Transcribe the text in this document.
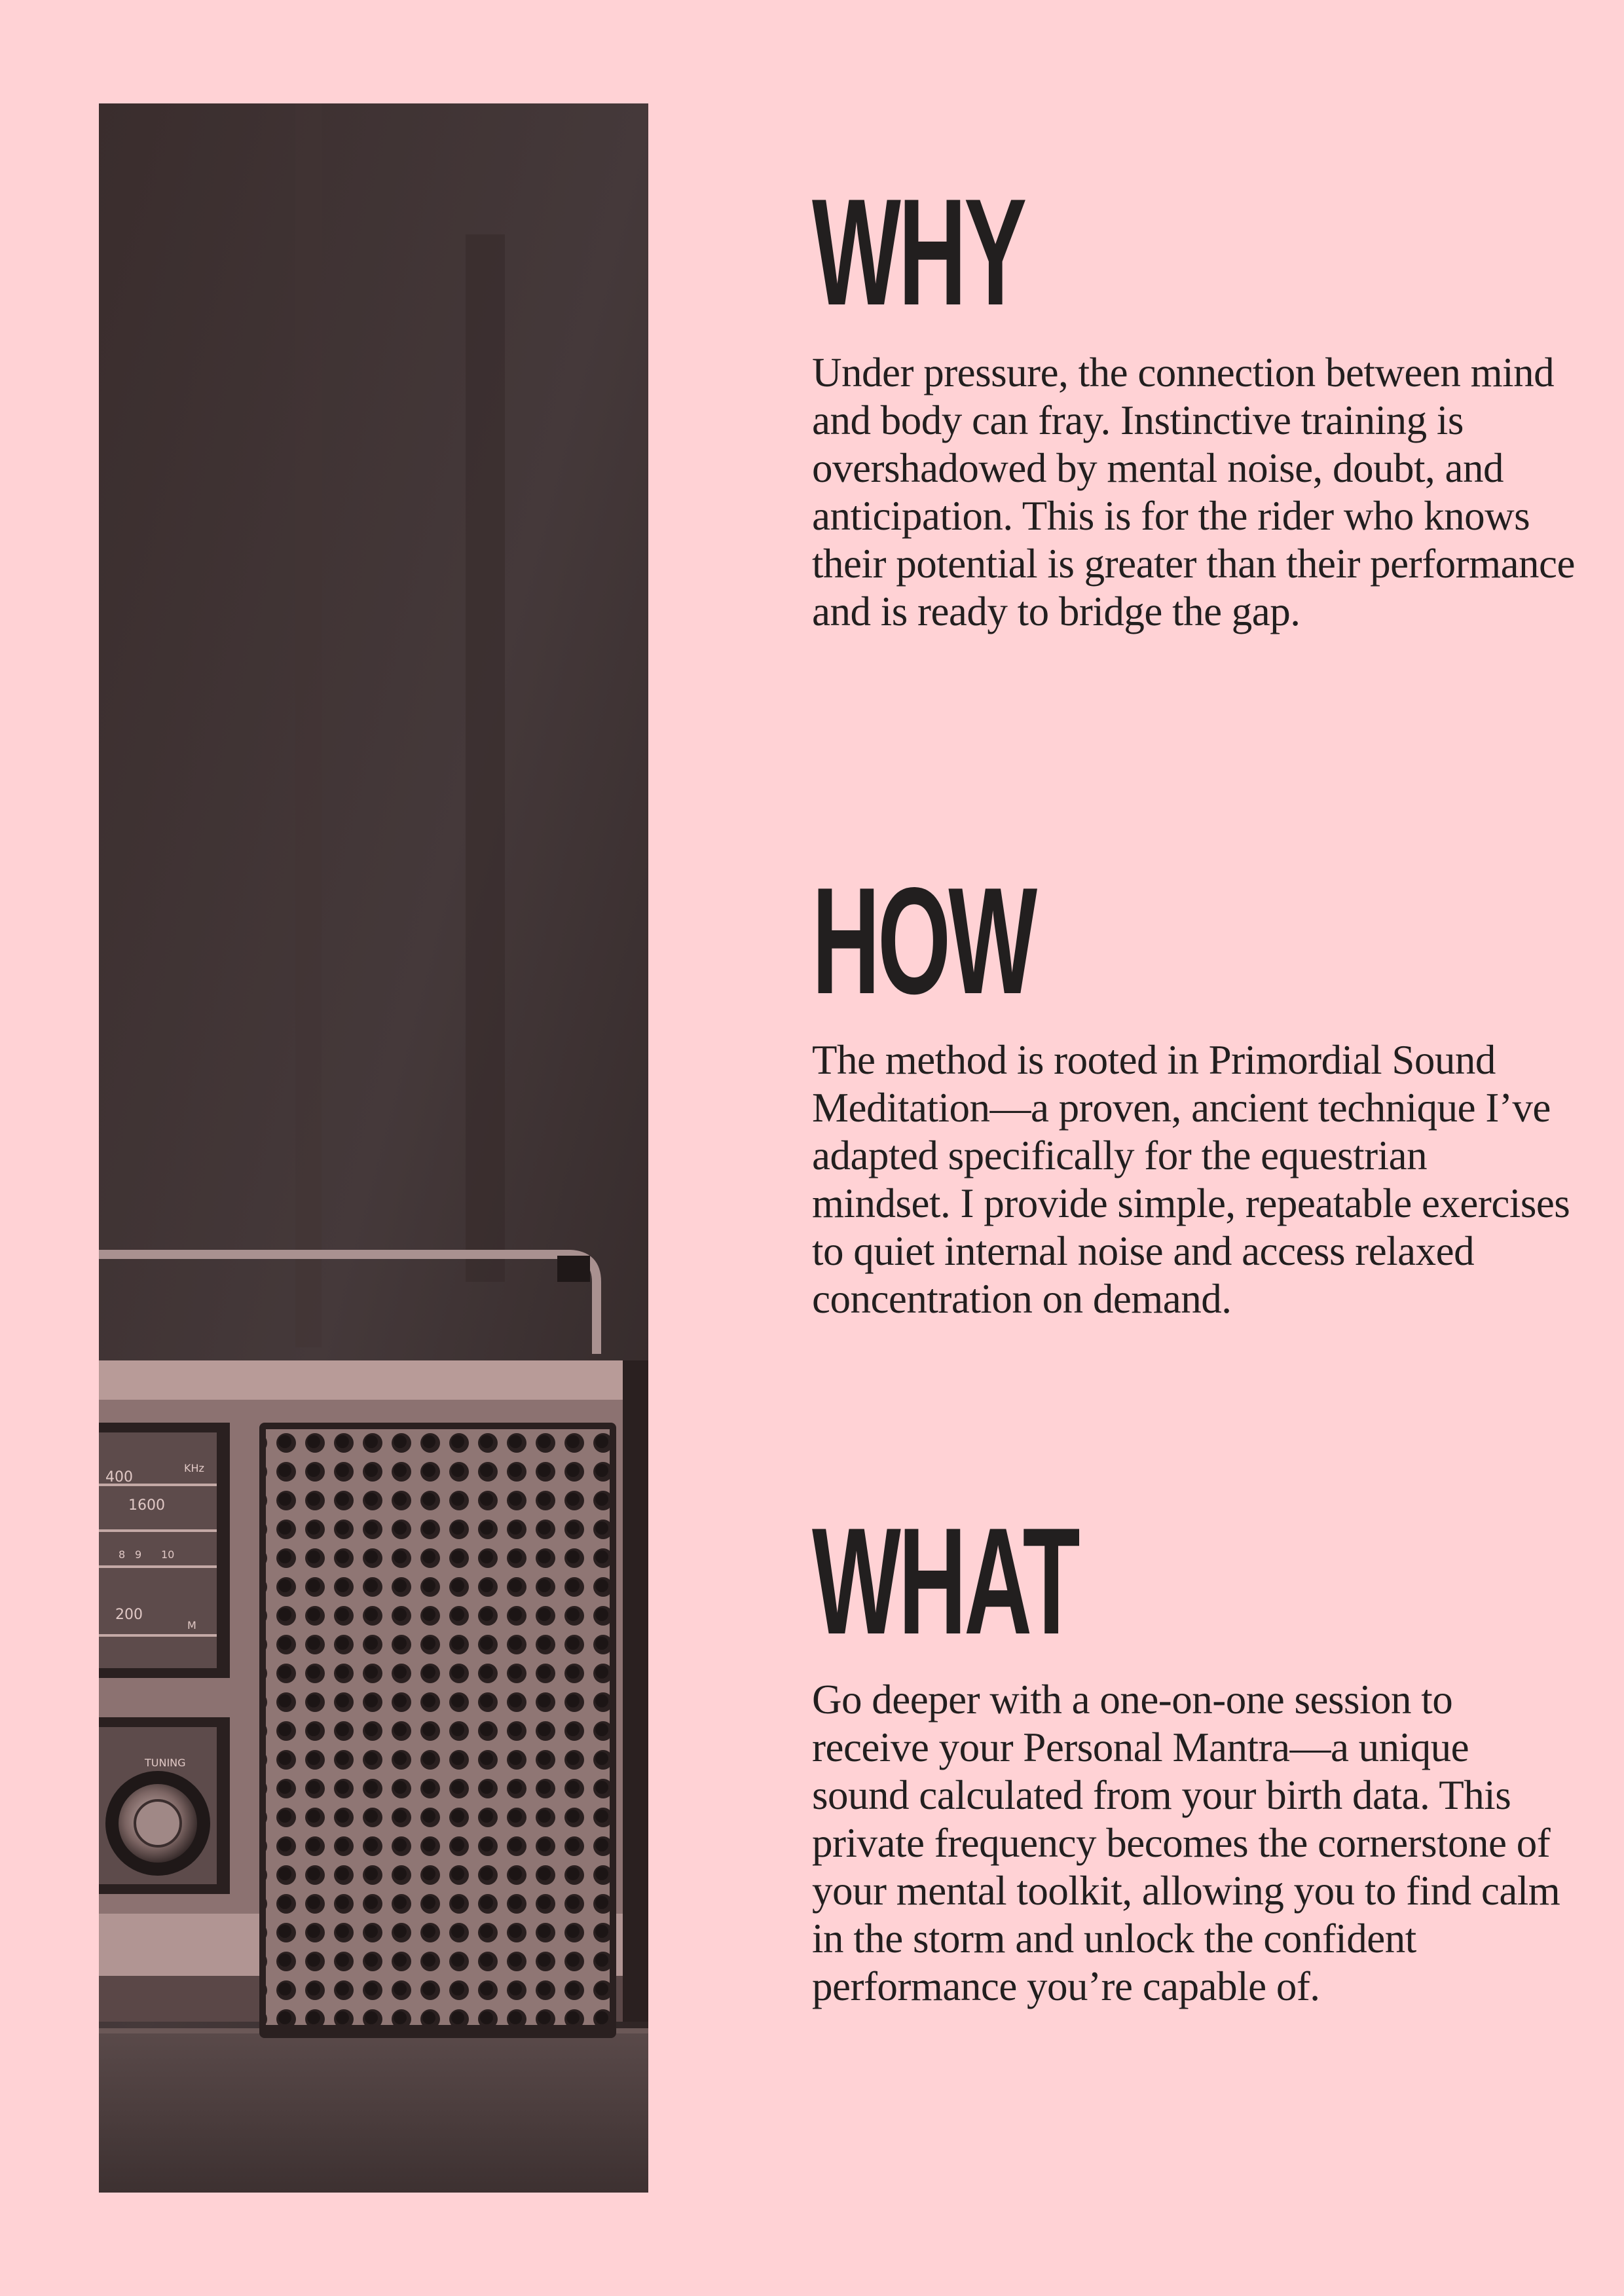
400
1600
KHz
8 9 10
200
M
TUNING
WHY

Under pressure, the connection between mind and body can fray. Instinctive training is overshadowed by mental noise, doubt, and anticipation. This is for the rider who knows their potential is greater than their performance and is ready to bridge the gap.

HOW

The method is rooted in Primordial Sound Meditation—a proven, ancient technique I’ve adapted specifically for the equestrian mindset. I provide simple, repeatable exercises to quiet internal noise and access relaxed concentration on demand.

WHAT

Go deeper with a one-on-one session to receive your Personal Mantra—a unique sound calculated from your birth data. This private frequency becomes the cornerstone of your mental toolkit, allowing you to find calm in the storm and unlock the confident performance you’re capable of.
